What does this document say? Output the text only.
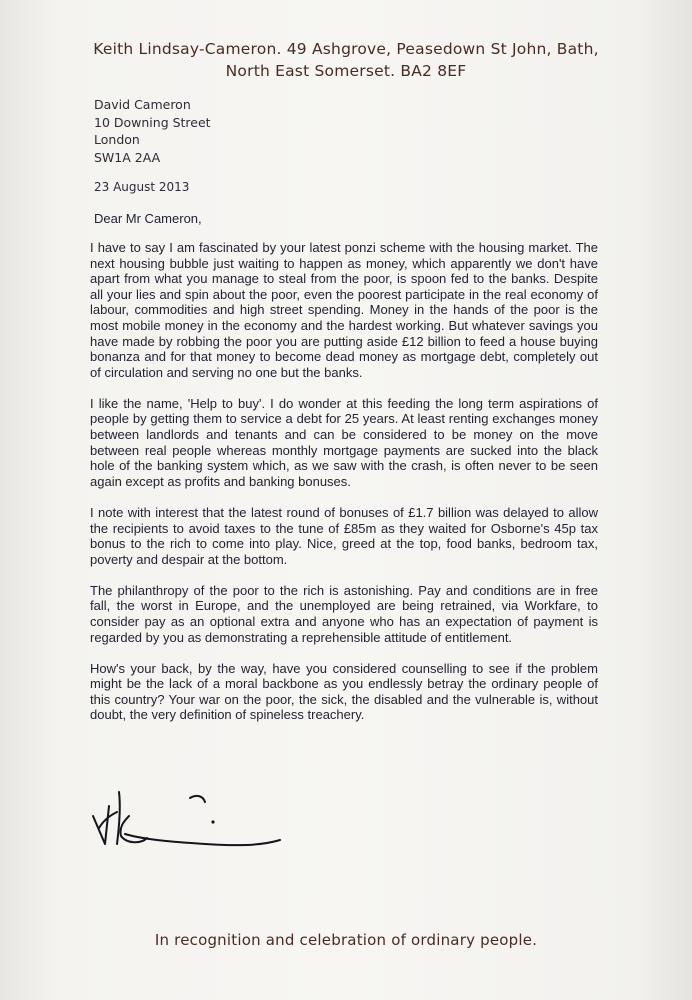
Keith Lindsay-Cameron. 49 Ashgrove, Peasedown St John, Bath,
North East Somerset. BA2 8EF
David Cameron
10 Downing Street
London
SW1A 2AA
23 August 2013
Dear Mr Cameron,

I have to say I am fascinated by your latest ponzi scheme with the housing market. The next housing bubble just waiting to happen as money, which apparently we don't have apart from what you manage to steal from the poor, is spoon fed to the banks. Despite all your lies and spin about the poor, even the poorest participate in the real economy of labour, commodities and high street spending. Money in the hands of the poor is the most mobile money in the economy and the hardest working. But whatever savings you have made by robbing the poor you are putting aside £12 billion to feed a house buying bonanza and for that money to become dead money as mortgage debt, completely out of circulation and serving no one but the banks.

I like the name, 'Help to buy'. I do wonder at this feeding the long term aspirations of people by getting them to service a debt for 25 years. At least renting exchanges money between landlords and tenants and can be considered to be money on the move between real people whereas monthly mortgage payments are sucked into the black hole of the banking system which, as we saw with the crash, is often never to be seen again except as profits and banking bonuses.

I note with interest that the latest round of bonuses of £1.7 billion was delayed to allow the recipients to avoid taxes to the tune of £85m as they waited for Osborne's 45p tax bonus to the rich to come into play. Nice, greed at the top, food banks, bedroom tax, poverty and despair at the bottom.

The philanthropy of the poor to the rich is astonishing. Pay and conditions are in free fall, the worst in Europe, and the unemployed are being retrained, via Workfare, to consider pay as an optional extra and anyone who has an expectation of payment is regarded by you as demonstrating a reprehensible attitude of entitlement.

How's your back, by the way, have you considered counselling to see if the problem might be the lack of a moral backbone as you endlessly betray the ordinary people of this country? Your war on the poor, the sick, the disabled and the vulnerable is, without doubt, the very definition of spineless treachery.

In recognition and celebration of ordinary people.
